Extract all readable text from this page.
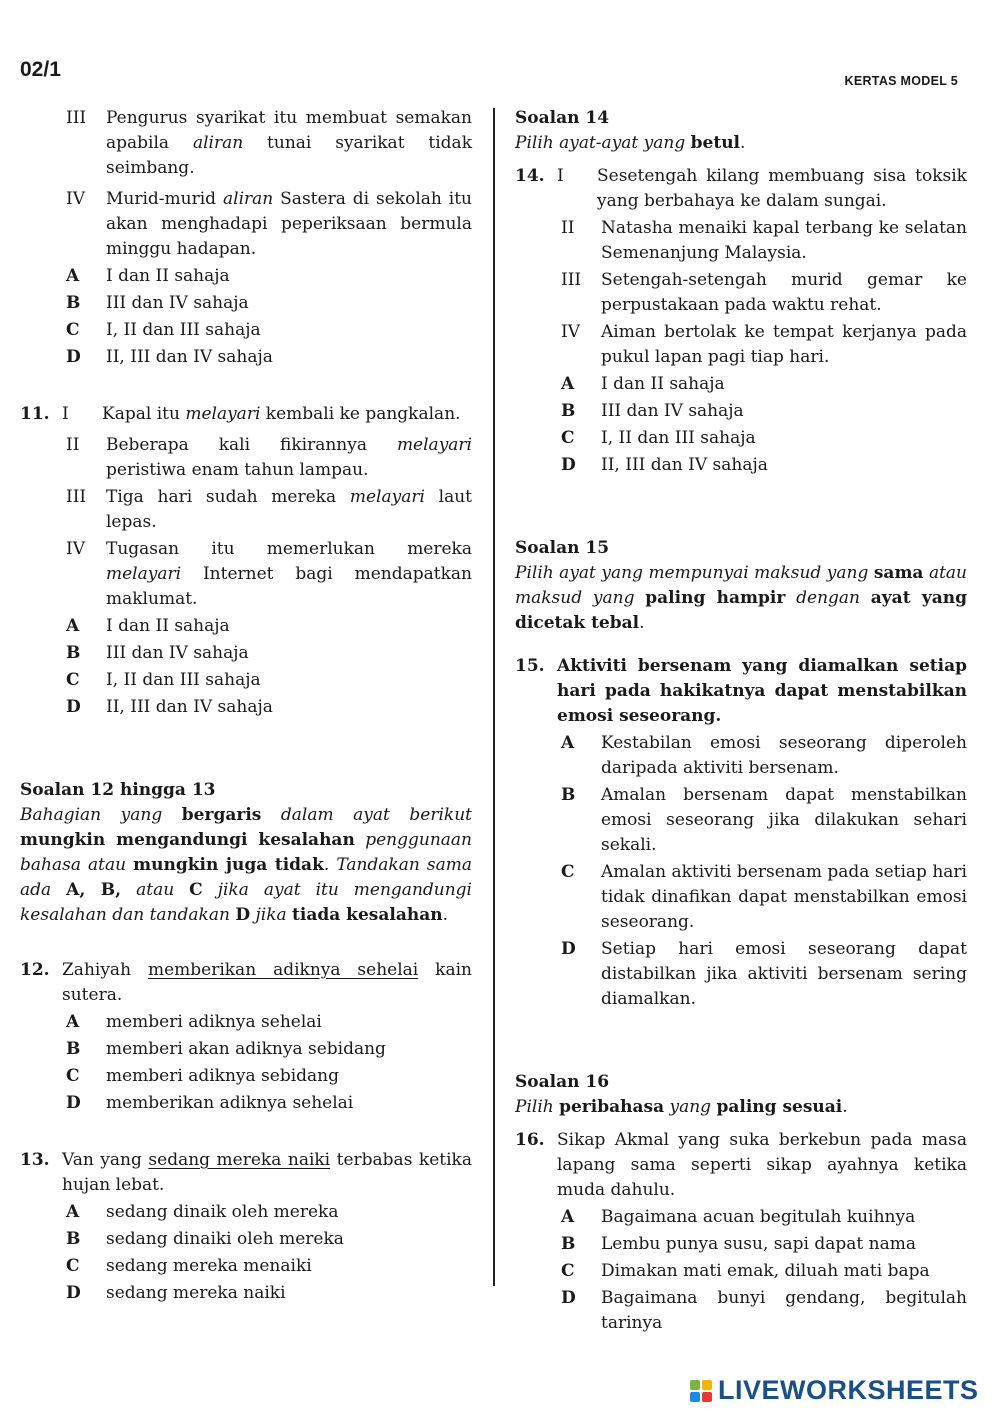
02/1	KERTAS MODEL 5
III	Pengurus syarikat itu membuat semakan apabila aliran tunai syarikat tidak seimbang.
IV	Murid-murid aliran Sastera di sekolah itu akan menghadapi peperiksaan bermula minggu hadapan.
A	I dan II sahaja
B	III dan IV sahaja
C	I, II dan III sahaja
D	II, III dan IV sahaja
11. I	Kapal itu melayari kembali ke pangkalan.
II	Beberapa kali fikirannya melayari peristiwa enam tahun lampau.
III	Tiga hari sudah mereka melayari laut lepas.
IV	Tugasan itu memerlukan mereka melayari Internet bagi mendapatkan maklumat.
A	I dan II sahaja
B	III dan IV sahaja
C	I, II dan III sahaja
D	II, III dan IV sahaja
Soalan 12 hingga 13
Bahagian yang bergaris dalam ayat berikut mungkin mengandungi kesalahan penggunaan bahasa atau mungkin juga tidak. Tandakan sama ada A, B, atau C jika ayat itu mengandungi kesalahan dan tandakan D jika tiada kesalahan.
12. Zahiyah memberikan adiknya sehelai kain sutera.
A	memberi adiknya sehelai
B	memberi akan adiknya sebidang
C	memberi adiknya sebidang
D	memberikan adiknya sehelai
13. Van yang sedang mereka naiki terbabas ketika hujan lebat.
A	sedang dinaik oleh mereka
B	sedang dinaiki oleh mereka
C	sedang mereka menaiki
D	sedang mereka naiki
Soalan 14
Pilih ayat-ayat yang betul.
14. I	Sesetengah kilang membuang sisa toksik yang berbahaya ke dalam sungai.
II	Natasha menaiki kapal terbang ke selatan Semenanjung Malaysia.
III	Setengah-setengah murid gemar ke perpustakaan pada waktu rehat.
IV	Aiman bertolak ke tempat kerjanya pada pukul lapan pagi tiap hari.
A	I dan II sahaja
B	III dan IV sahaja
C	I, II dan III sahaja
D	II, III dan IV sahaja
Soalan 15
Pilih ayat yang mempunyai maksud yang sama atau maksud yang paling hampir dengan ayat yang dicetak tebal.
15. Aktiviti bersenam yang diamalkan setiap hari pada hakikatnya dapat menstabilkan emosi seseorang.
A	Kestabilan emosi seseorang diperoleh daripada aktiviti bersenam.
B	Amalan bersenam dapat menstabilkan emosi seseorang jika dilakukan sehari sekali.
C	Amalan aktiviti bersenam pada setiap hari tidak dinafikan dapat menstabilkan emosi seseorang.
D	Setiap hari emosi seseorang dapat distabilkan jika aktiviti bersenam sering diamalkan.
Soalan 16
Pilih peribahasa yang paling sesuai.
16. Sikap Akmal yang suka berkebun pada masa lapang sama seperti sikap ayahnya ketika muda dahulu.
A	Bagaimana acuan begitulah kuihnya
B	Lembu punya susu, sapi dapat nama
C	Dimakan mati emak, diluah mati bapa
D	Bagaimana bunyi gendang, begitulah tarinya
LIVEWORKSHEETS
